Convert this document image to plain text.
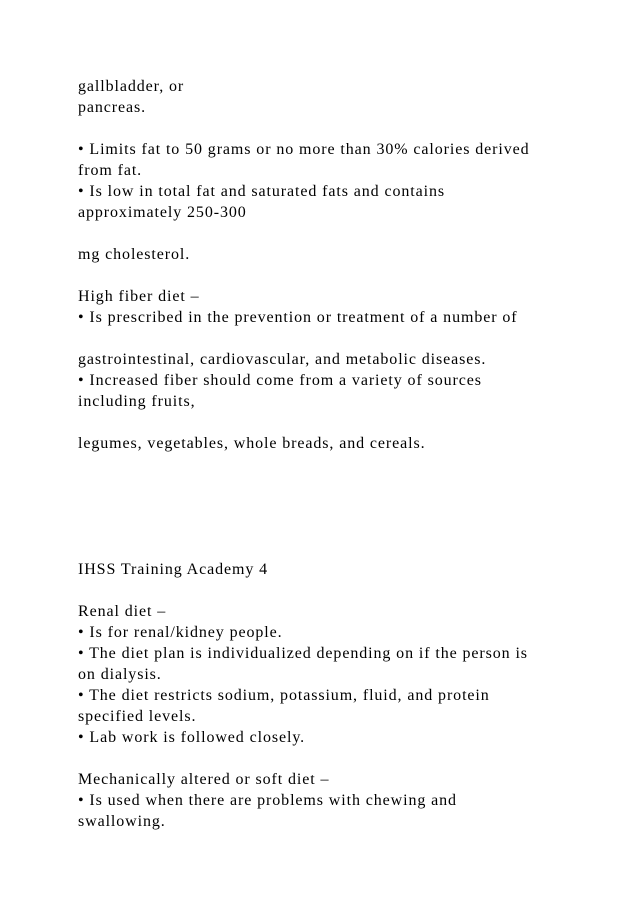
gallbladder, or
pancreas.
• Limits fat to 50 grams or no more than 30% calories derived
from fat.
• Is low in total fat and saturated fats and contains
approximately 250-300
mg cholesterol.
High fiber diet –
• Is prescribed in the prevention or treatment of a number of
gastrointestinal, cardiovascular, and metabolic diseases.
• Increased fiber should come from a variety of sources
including fruits,
legumes, vegetables, whole breads, and cereals.
IHSS Training Academy 4
Renal diet –
• Is for renal/kidney people.
• The diet plan is individualized depending on if the person is
on dialysis.
• The diet restricts sodium, potassium, fluid, and protein
specified levels.
• Lab work is followed closely.
Mechanically altered or soft diet –
• Is used when there are problems with chewing and
swallowing.
